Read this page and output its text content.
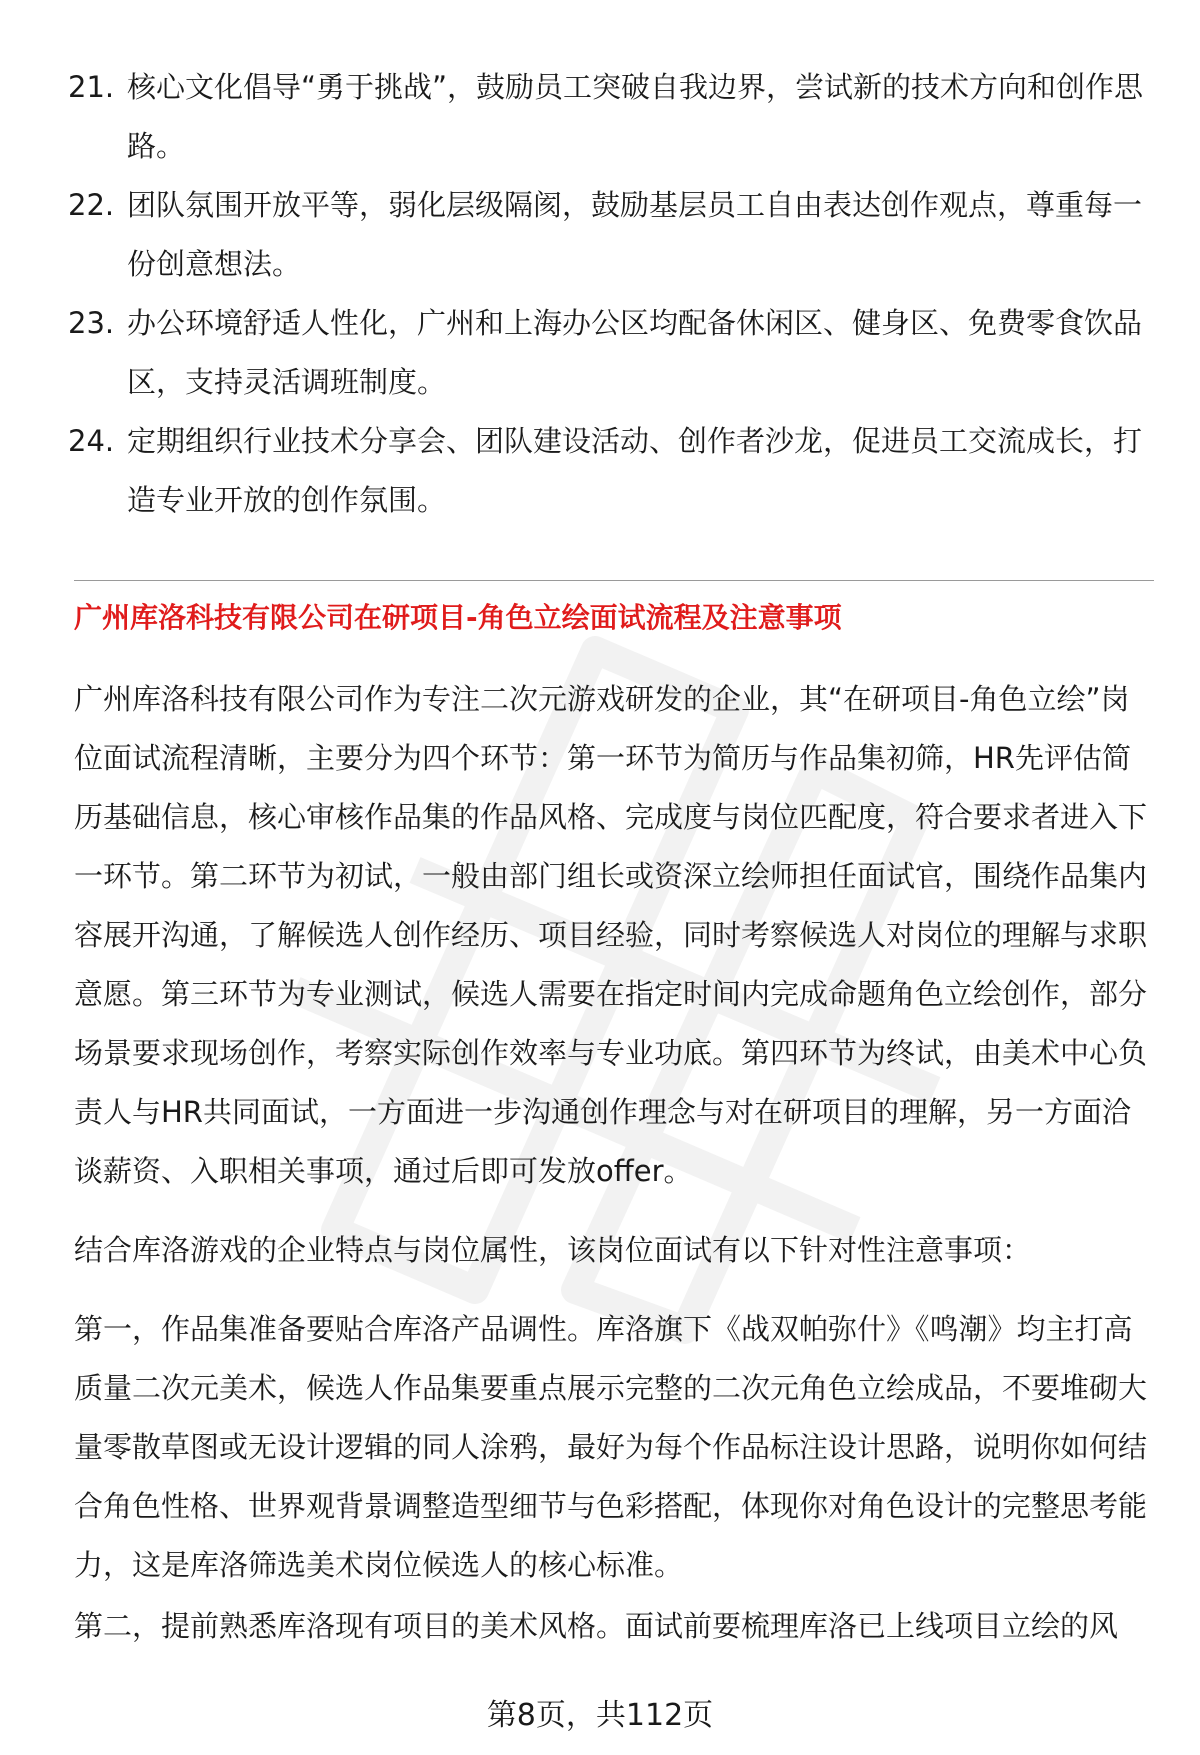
21. 核心文化倡导“勇于挑战”，鼓励员工突破自我边界，尝试新的技术方向和创作思路。
22. 团队氛围开放平等，弱化层级隔阂，鼓励基层员工自由表达创作观点，尊重每一份创意想法。
23. 办公环境舒适人性化，广州和上海办公区均配备休闲区、健身区、免费零食饮品区，支持灵活调班制度。
24. 定期组织行业技术分享会、团队建设活动、创作者沙龙，促进员工交流成长，打造专业开放的创作氛围。
广州库洛科技有限公司在研项目-角色立绘面试流程及注意事项

广州库洛科技有限公司作为专注二次元游戏研发的企业，其“在研项目-角色立绘”岗位面试流程清晰，主要分为四个环节：第一环节为简历与作品集初筛，HR先评估简历基础信息，核心审核作品集的作品风格、完成度与岗位匹配度，符合要求者进入下一环节。第二环节为初试，一般由部门组长或资深立绘师担任面试官，围绕作品集内容展开沟通，了解候选人创作经历、项目经验，同时考察候选人对岗位的理解与求职意愿。第三环节为专业测试，候选人需要在指定时间内完成命题角色立绘创作，部分场景要求现场创作，考察实际创作效率与专业功底。第四环节为终试，由美术中心负责人与HR共同面试，一方面进一步沟通创作理念与对在研项目的理解，另一方面洽谈薪资、入职相关事项，通过后即可发放offer。

结合库洛游戏的企业特点与岗位属性，该岗位面试有以下针对性注意事项：

第一，作品集准备要贴合库洛产品调性。库洛旗下《战双帕弥什》《鸣潮》均主打高质量二次元美术，候选人作品集要重点展示完整的二次元角色立绘成品，不要堆砌大量零散草图或无设计逻辑的同人涂鸦，最好为每个作品标注设计思路，说明你如何结合角色性格、世界观背景调整造型细节与色彩搭配，体现你对角色设计的完整思考能力，这是库洛筛选美术岗位候选人的核心标准。

第二，提前熟悉库洛现有项目的美术风格。面试前要梳理库洛已上线项目立绘的风

第8页，共112页
